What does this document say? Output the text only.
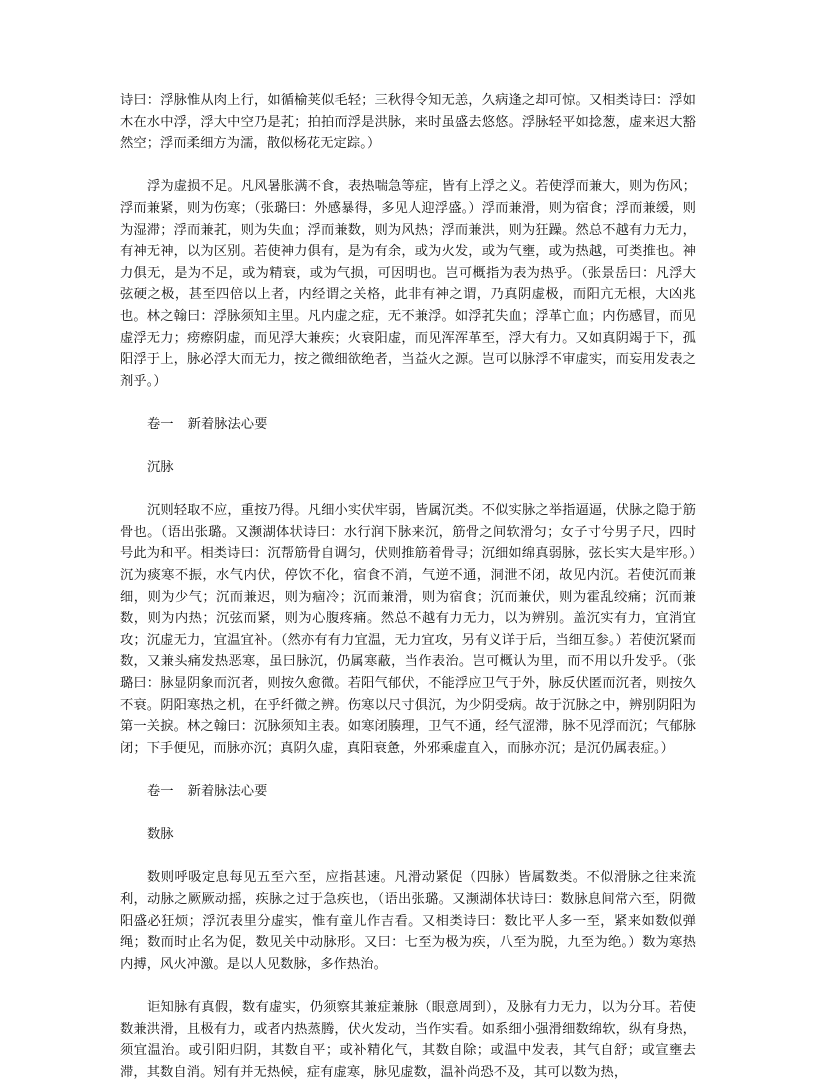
诗曰：浮脉惟从肉上行，如循榆荚似毛轻；三秋得令知无恙，久病逢之却可惊。又相类诗曰：浮如木在水中浮，浮大中空乃是芤；拍拍而浮是洪脉，来时虽盛去悠悠。浮脉轻平如捻葱，虚来迟大豁然空；浮而柔细方为濡，散似杨花无定踪。）

浮为虚损不足。凡风暑胀满不食，表热喘急等症，皆有上浮之义。若使浮而兼大，则为伤风；浮而兼紧，则为伤寒；（张璐曰：外感暴得，多见人迎浮盛。）浮而兼滑，则为宿食；浮而兼缓，则为湿滞；浮而兼芤，则为失血；浮而兼数，则为风热；浮而兼洪，则为狂躁。然总不越有力无力，有神无神，以为区别。若使神力俱有，是为有余，或为火发，或为气壅，或为热越，可类推也。神力俱无，是为不足，或为精衰，或为气损，可因明也。岂可概指为表为热乎。（张景岳曰：凡浮大弦硬之极，甚至四倍以上者，内经谓之关格，此非有神之谓，乃真阴虚极，而阳亢无根，大凶兆也。林之翰曰：浮脉须知主里。凡内虚之症，无不兼浮。如浮芤失血；浮革亡血；内伤感冒，而见虚浮无力；痨瘵阴虚，而见浮大兼疾；火衰阳虚，而见浑浑革至，浮大有力。又如真阴竭于下，孤阳浮于上，脉必浮大而无力，按之微细欲绝者，当益火之源。岂可以脉浮不审虚实，而妄用发表之剂乎。）

卷一 新着脉法心要

沉脉

沉则轻取不应，重按乃得。凡细小实伏牢弱，皆属沉类。不似实脉之举指逼逼，伏脉之隐于筋骨也。（语出张璐。又濒湖体状诗曰：水行润下脉来沉，筋骨之间软滑匀；女子寸兮男子尺，四时号此为和平。相类诗曰：沉帮筋骨自调匀，伏则推筋着骨寻；沉细如绵真弱脉，弦长实大是牢形。）沉为痰寒不振，水气内伏，停饮不化，宿食不消，气逆不通，洞泄不闭，故见内沉。若使沉而兼细，则为少气；沉而兼迟，则为痼冷；沉而兼滑，则为宿食；沉而兼伏，则为霍乱绞痛；沉而兼数，则为内热；沉弦而紧，则为心腹疼痛。然总不越有力无力，以为辨别。盖沉实有力，宜消宜攻；沉虚无力，宜温宜补。（然亦有有力宜温，无力宜攻，另有义详于后，当细互参。）若使沉紧而数，又兼头痛发热恶寒，虽曰脉沉，仍属寒蔽，当作表治。岂可概认为里，而不用以升发乎。（张璐曰：脉显阴象而沉者，则按久愈微。若阳气郁伏，不能浮应卫气于外，脉反伏匿而沉者，则按久不衰。阴阳寒热之机，在乎纤微之辨。伤寒以尺寸俱沉，为少阴受病。故于沉脉之中，辨别阴阳为第一关捩。林之翰曰：沉脉须知主表。如寒闭腠理，卫气不通，经气涩滞，脉不见浮而沉；气郁脉闭；下手便见，而脉亦沉；真阴久虚，真阳衰惫，外邪乘虚直入，而脉亦沉；是沉仍属表症。）

卷一 新着脉法心要

数脉

数则呼吸定息每见五至六至，应指甚速。凡滑动紧促（四脉）皆属数类。不似滑脉之往来流利，动脉之厥厥动摇，疾脉之过于急疾也，（语出张璐。又濒湖体状诗曰：数脉息间常六至，阴微阳盛必狂烦；浮沉表里分虚实，惟有童儿作吉看。又相类诗曰：数比平人多一至，紧来如数似弹绳；数而时止名为促，数见关中动脉形。又曰：七至为极为疾，八至为脱，九至为绝。）数为寒热内搏，风火冲激。是以人见数脉，多作热治。

讵知脉有真假，数有虚实，仍须察其兼症兼脉（眼意周到），及脉有力无力，以为分耳。若使数兼洪滑，且极有力，或者内热蒸腾，伏火发动，当作实看。如系细小强滑细数绵软，纵有身热，须宜温治。或引阳归阴，其数自平；或补精化气，其数自除；或温中发表，其气自舒；或宣壅去滞，其数自消。矧有并无热候，症有虚寒，脉见虚数，温补尚恐不及，其可以数为热，
